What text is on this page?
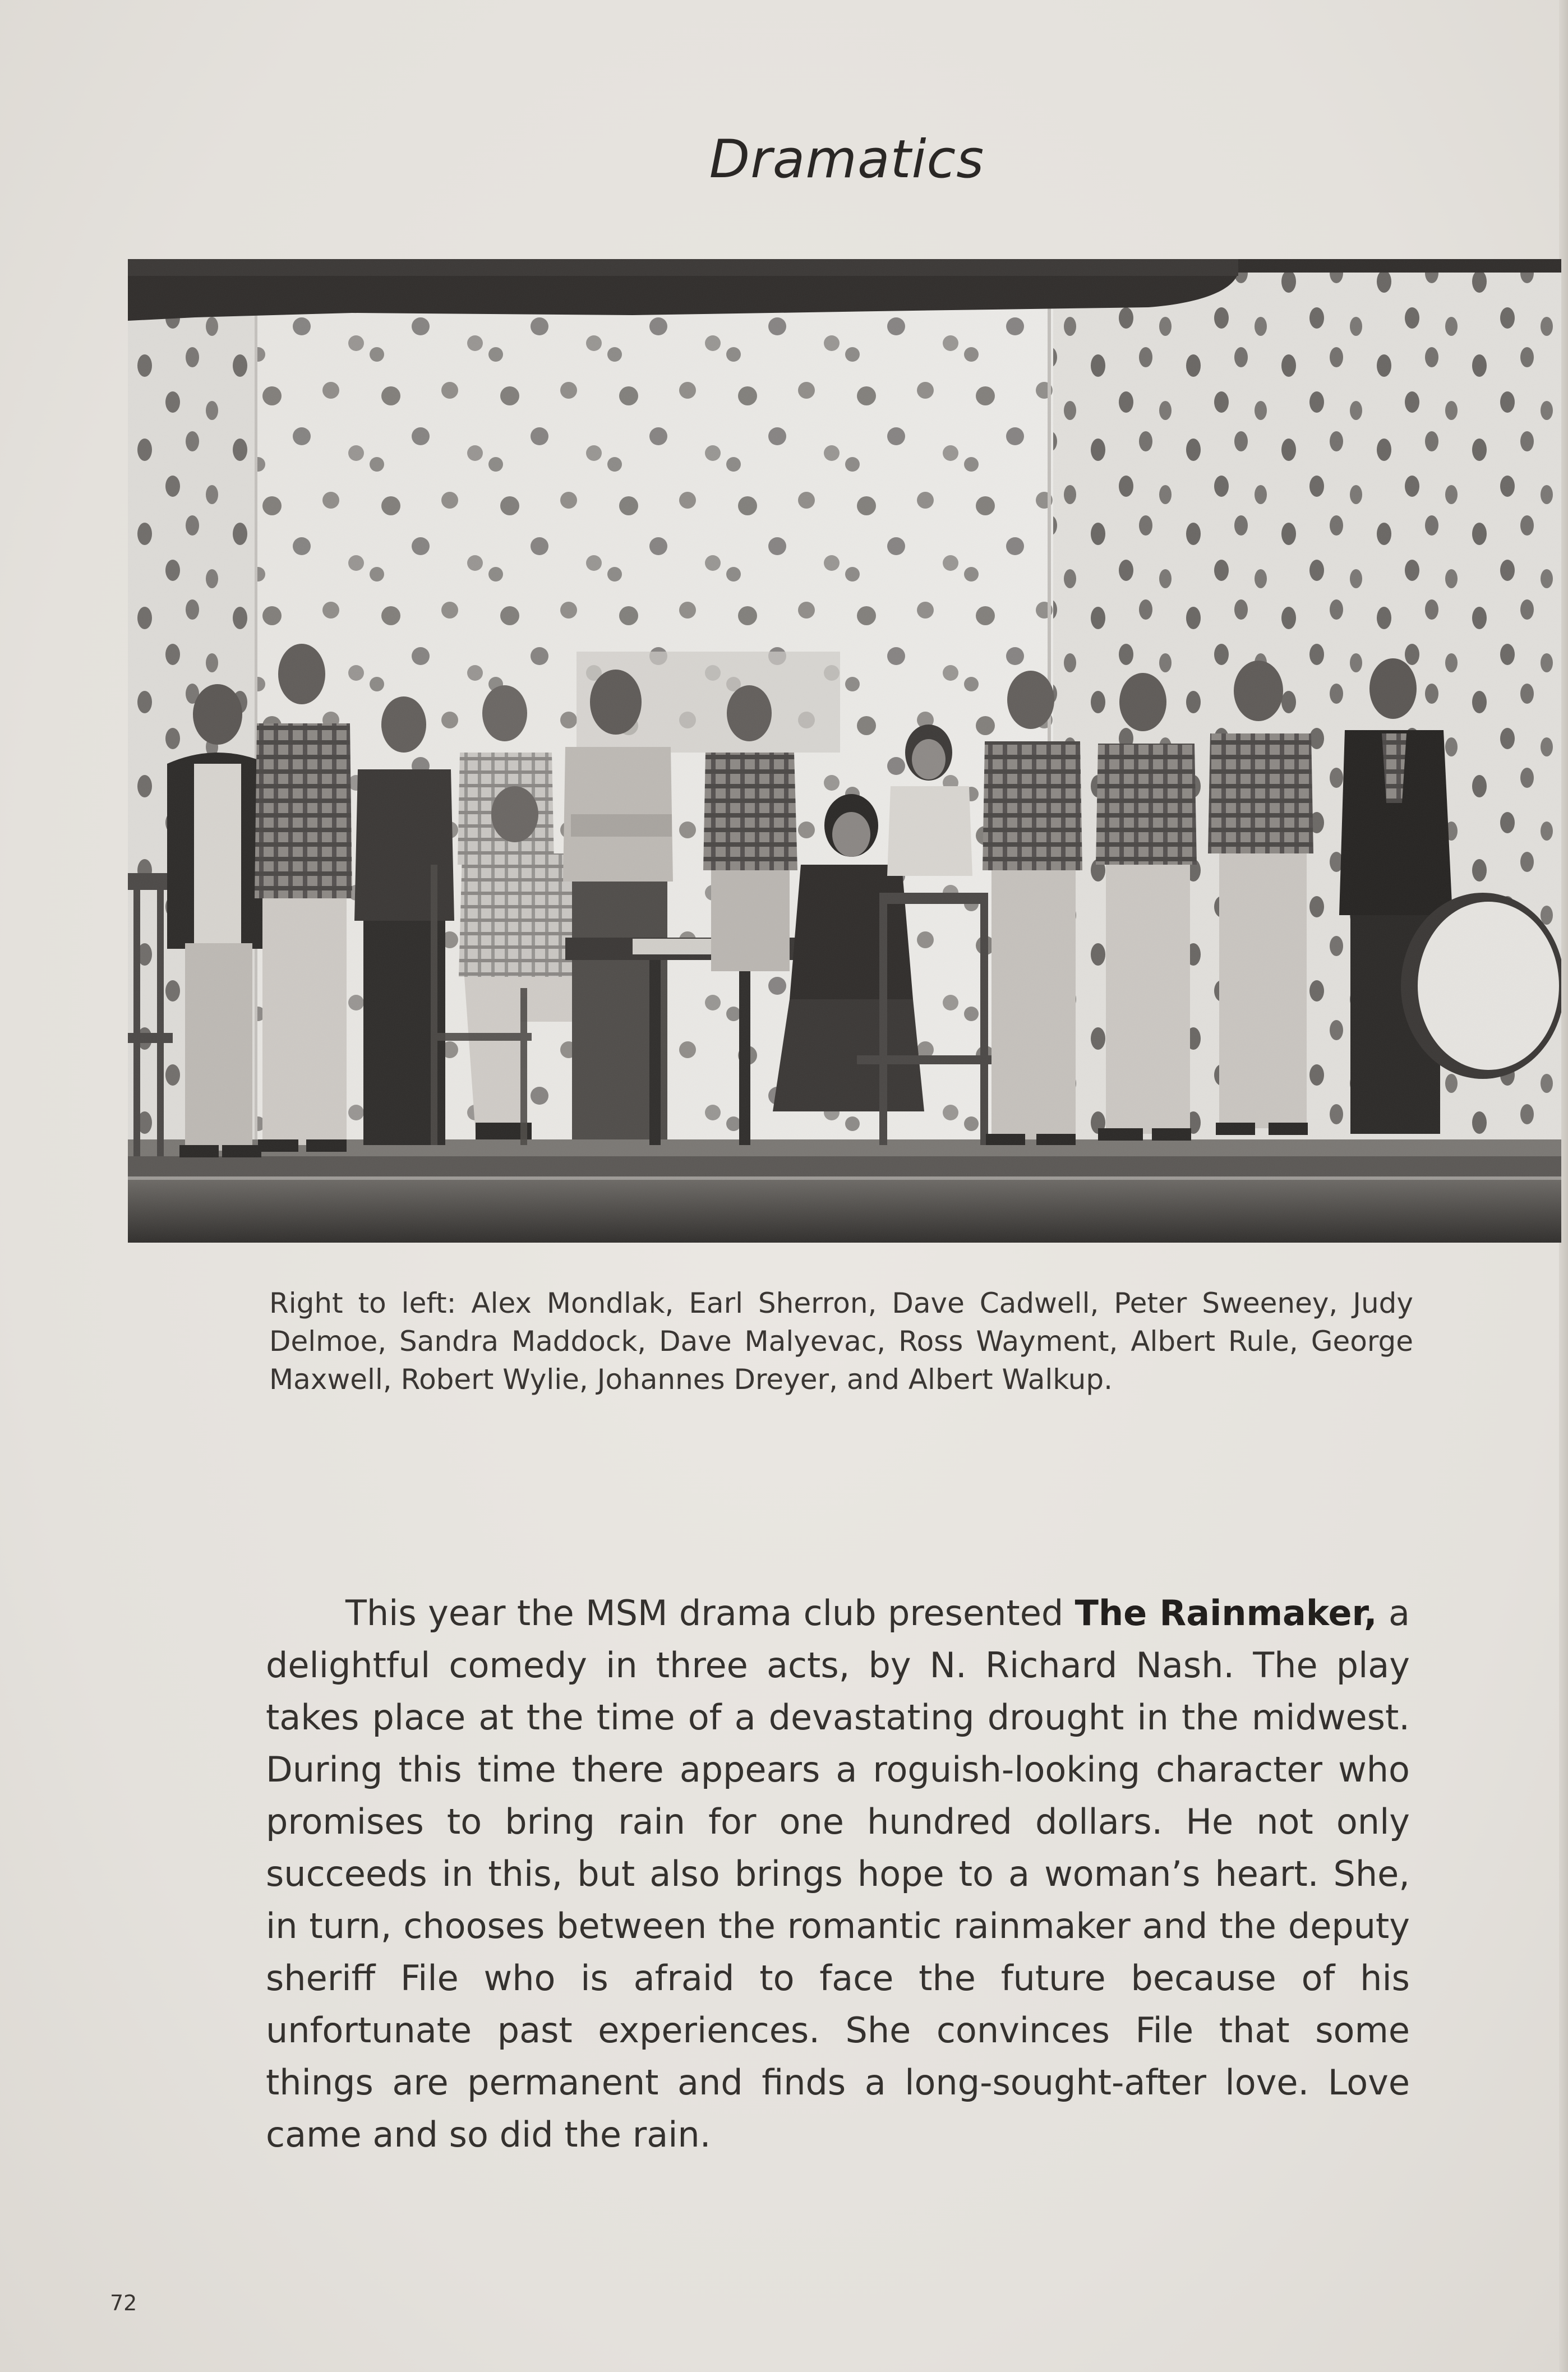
Dramatics
Right to left: Alex Mondlak, Earl Sherron, Dave Cadwell, Peter Sweeney, Judy Delmoe, Sandra Maddock, Dave Malyevac, Ross Wayment, Albert Rule, George Maxwell, Robert Wylie, Johannes Dreyer, and Albert Walkup.
This year the MSM drama club presented The Rainmaker, a delightful comedy in three acts, by N. Richard Nash. The play takes place at the time of a devastating drought in the midwest. During this time there appears a roguish-looking character who promises to bring rain for one hundred dollars. He not only succeeds in this, but also brings hope to a woman’s heart. She, in turn, chooses between the romantic rainmaker and the deputy sheriff File who is afraid to face the future because of his unfortunate past experiences. She convinces File that some things are permanent and finds a long-sought-after love. Love came and so did the rain.
72
